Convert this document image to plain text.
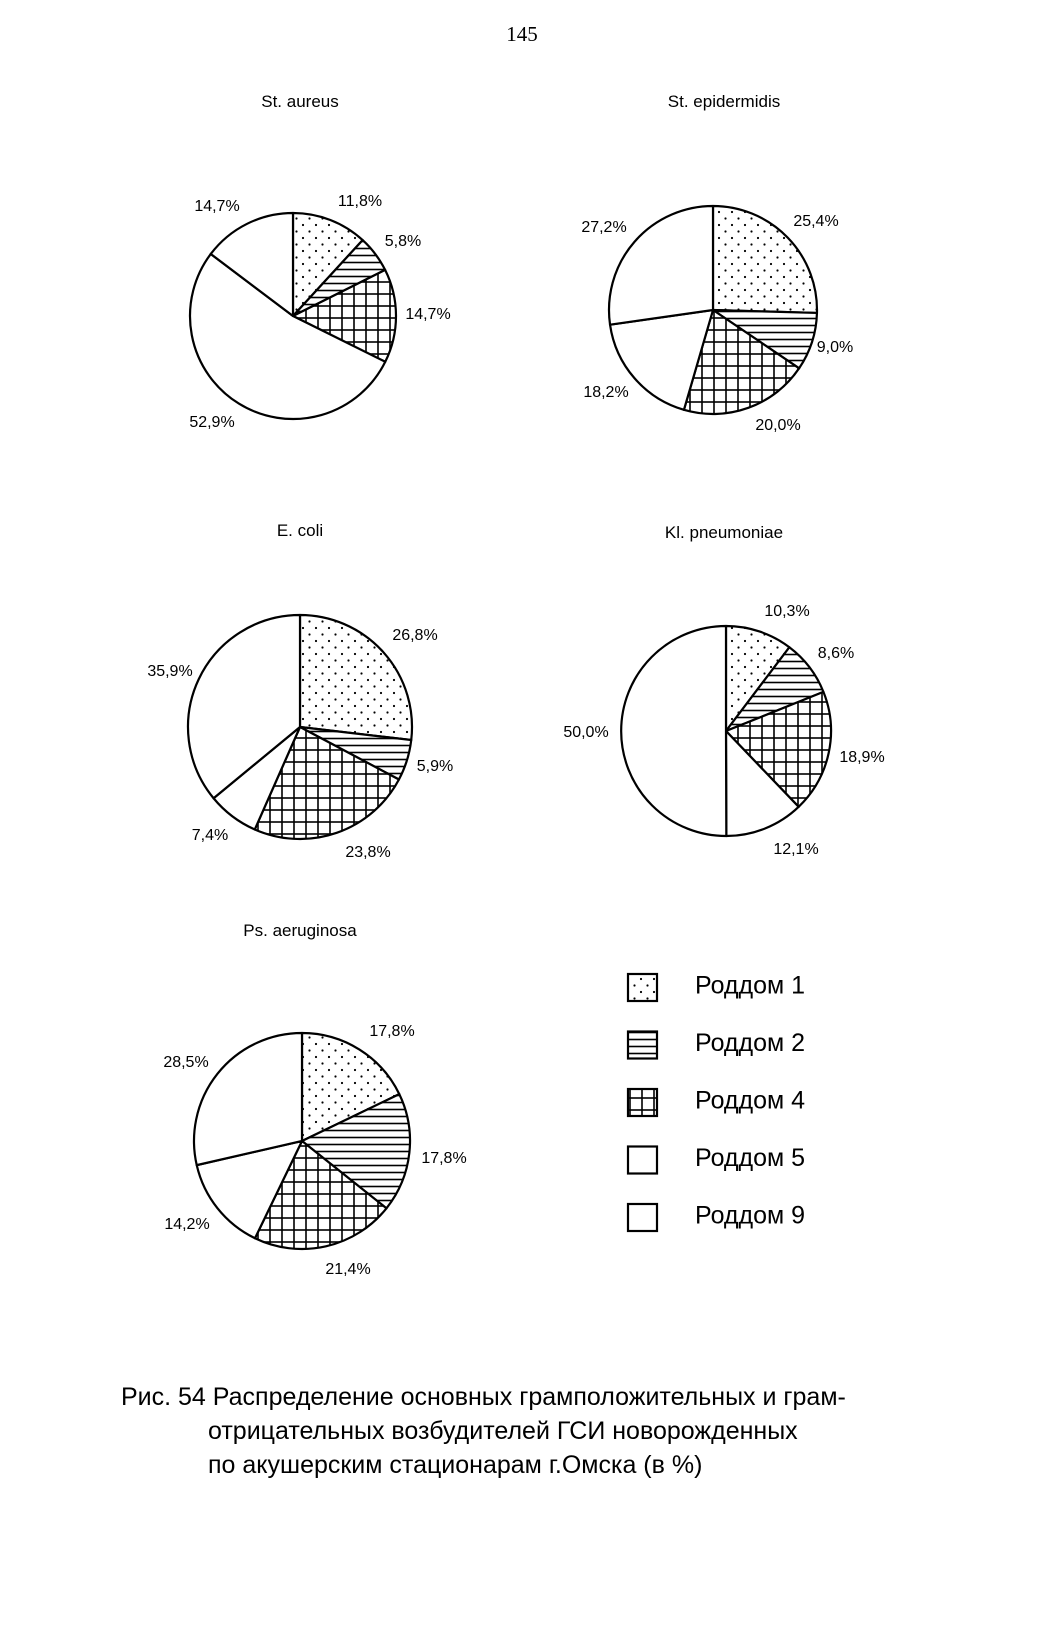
145
St. aureus
11,8%
5,8%
14,7%
52,9%
14,7%
St. epidermidis
25,4%
9,0%
20,0%
18,2%
27,2%
E. coli
26,8%
5,9%
23,8%
7,4%
35,9%
Kl. pneumoniae
10,3%
8,6%
18,9%
12,1%
50,0%
Ps. aeruginosa
17,8%
17,8%
21,4%
14,2%
28,5%
Роддом 1
Роддом 2
Роддом 4
Роддом 5
Роддом 9
Рис. 54 Распределение основных грамположительных и грам-
отрицательных возбудителей ГСИ новорожденных
по акушерским стационарам г.Омска (в %)
